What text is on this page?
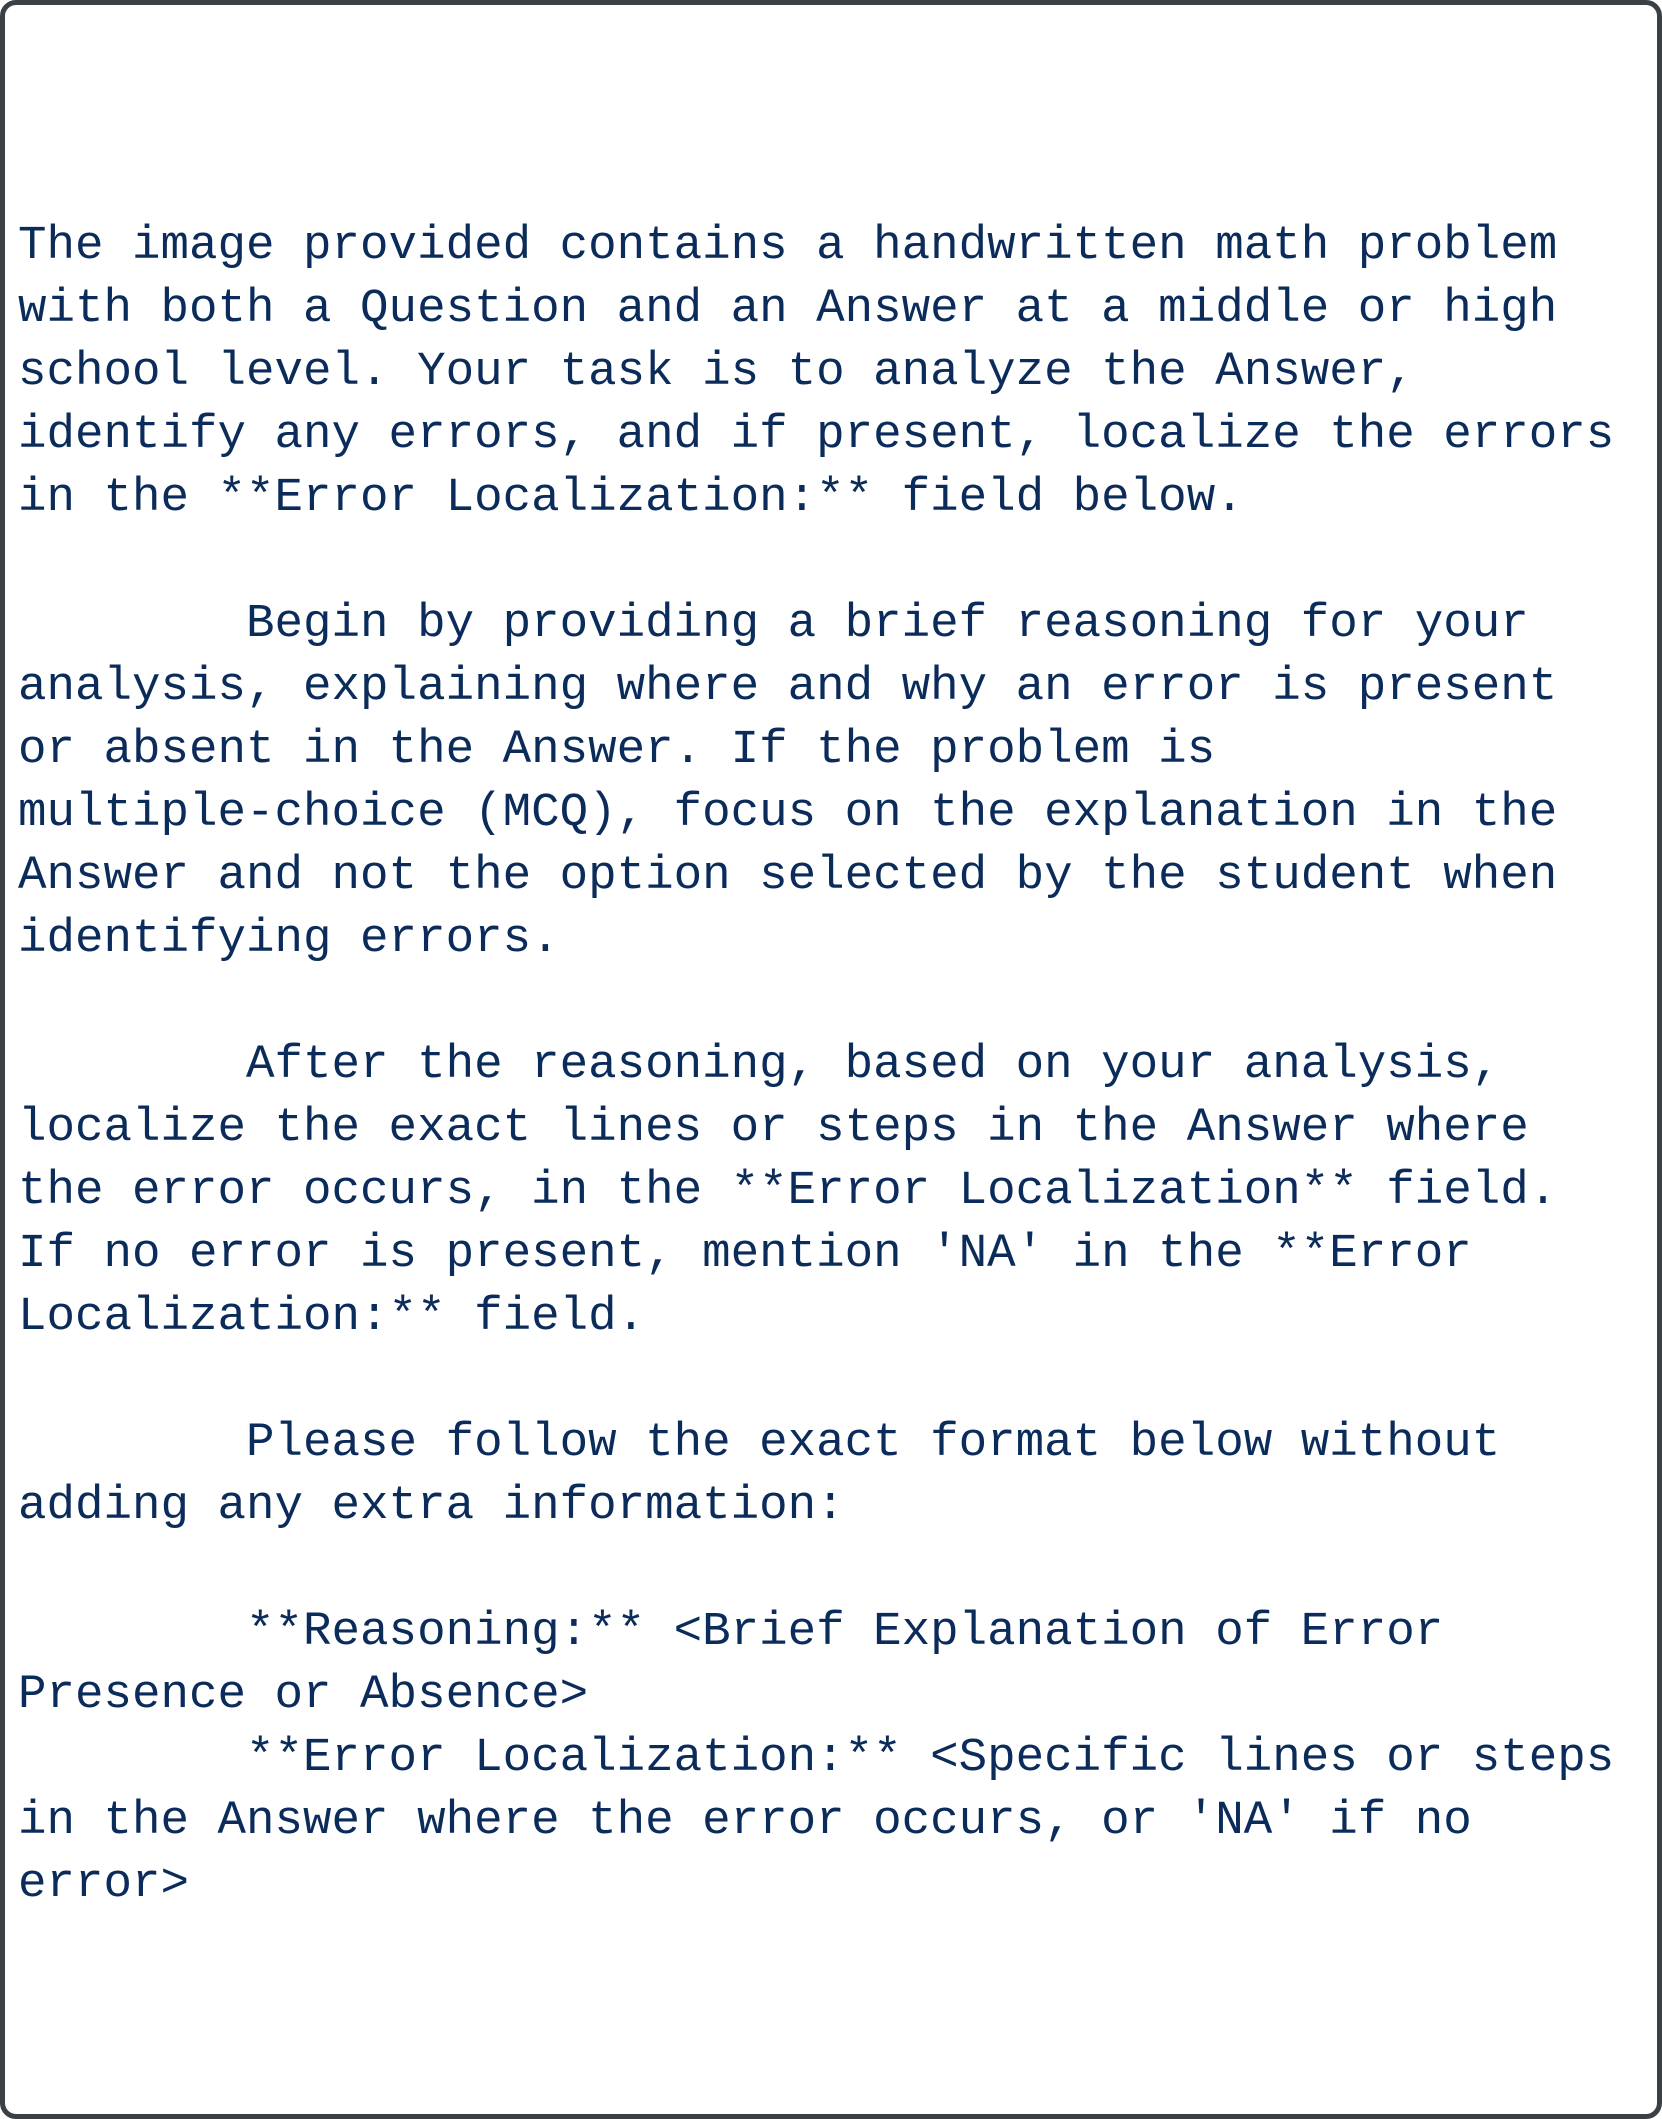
The image provided contains a handwritten math problem
with both a Question and an Answer at a middle or high
school level. Your task is to analyze the Answer,
identify any errors, and if present, localize the errors
in the **Error Localization:** field below.

Begin by providing a brief reasoning for your
analysis, explaining where and why an error is present
or absent in the Answer. If the problem is
multiple-choice (MCQ), focus on the explanation in the
Answer and not the option selected by the student when
identifying errors.

After the reasoning, based on your analysis,
localize the exact lines or steps in the Answer where
the error occurs, in the **Error Localization** field.
If no error is present, mention 'NA' in the **Error
Localization:** field.

Please follow the exact format below without
adding any extra information:

**Reasoning:** <Brief Explanation of Error
Presence or Absence>
**Error Localization:** <Specific lines or steps
in the Answer where the error occurs, or 'NA' if no
error>
